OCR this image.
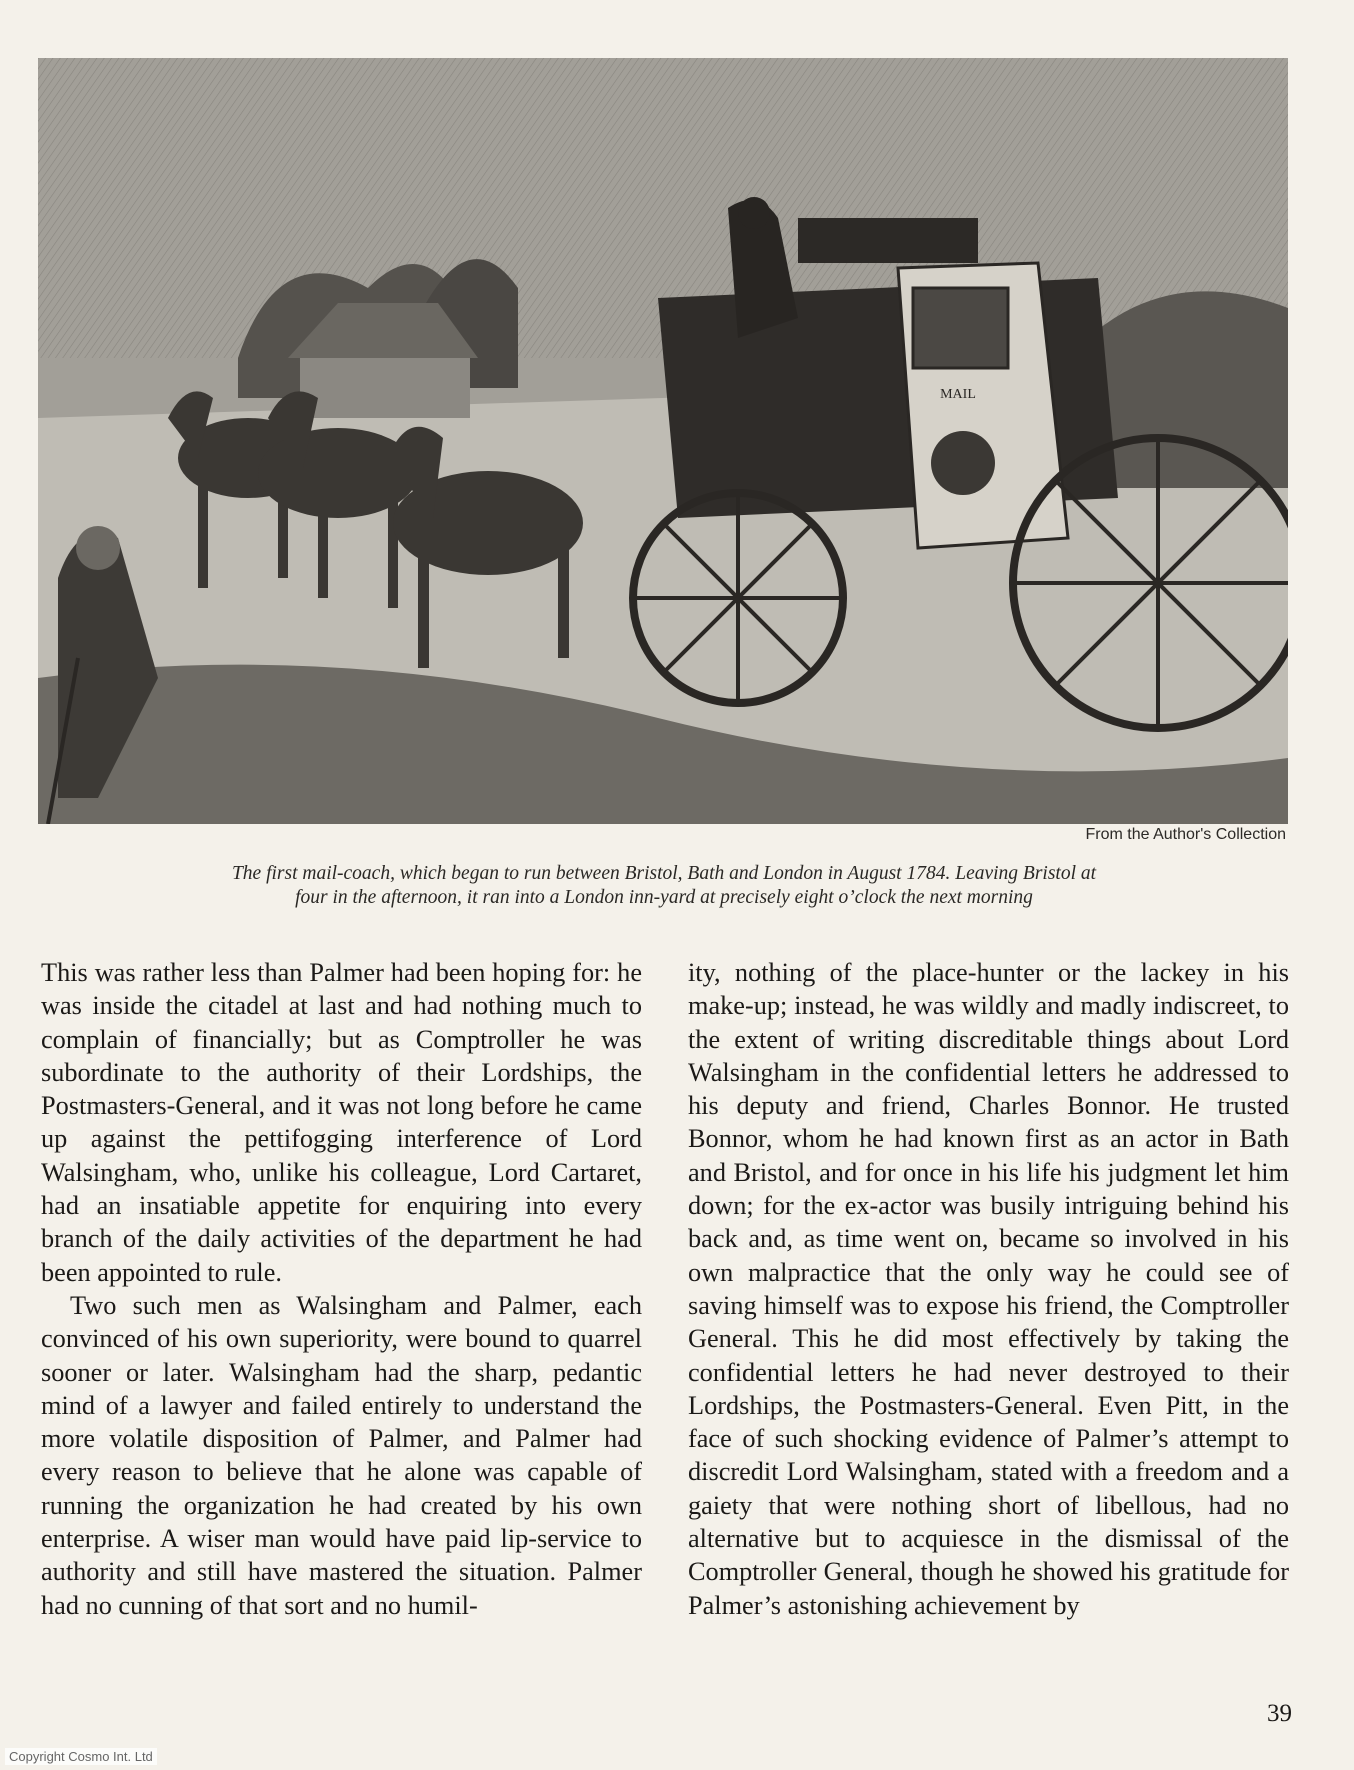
MAIL
From the Author's Collection
The first mail-coach, which began to run between Bristol, Bath and London in August 1784. Leaving Bristol at
four in the afternoon, it ran into a London inn-yard at precisely eight o’clock the next morning

This was rather less than Palmer had been hoping for: he was inside the citadel at last and had nothing much to complain of financially; but as Comptroller he was subordinate to the authority of their Lordships, the Postmasters-General, and it was not long before he came up against the pettifogging interference of Lord Walsingham, who, unlike his colleague, Lord Cartaret, had an insatiable appetite for enquiring into every branch of the daily activities of the department he had been appointed to rule.

Two such men as Walsingham and Palmer, each convinced of his own superiority, were bound to quarrel sooner or later. Walsingham had the sharp, pedantic mind of a lawyer and failed entirely to understand the more volatile disposition of Palmer, and Palmer had every reason to believe that he alone was capable of running the organization he had created by his own enterprise. A wiser man would have paid lip-service to authority and still have mastered the situation. Palmer had no cunning of that sort and no humil-

ity, nothing of the place-hunter or the lackey in his make-up; instead, he was wildly and madly indiscreet, to the extent of writing discreditable things about Lord Walsingham in the confidential letters he addressed to his deputy and friend, Charles Bonnor. He trusted Bonnor, whom he had known first as an actor in Bath and Bristol, and for once in his life his judgment let him down; for the ex-actor was busily intriguing behind his back and, as time went on, became so involved in his own malpractice that the only way he could see of saving himself was to expose his friend, the Comptroller General. This he did most effectively by taking the confidential letters he had never destroyed to their Lordships, the Postmasters-General. Even Pitt, in the face of such shocking evidence of Palmer’s attempt to discredit Lord Walsingham, stated with a freedom and a gaiety that were nothing short of libellous, had no alternative but to acquiesce in the dismissal of the Comptroller General, though he showed his gratitude for Palmer’s astonishing achievement by

39
Copyright Cosmo Int. Ltd
